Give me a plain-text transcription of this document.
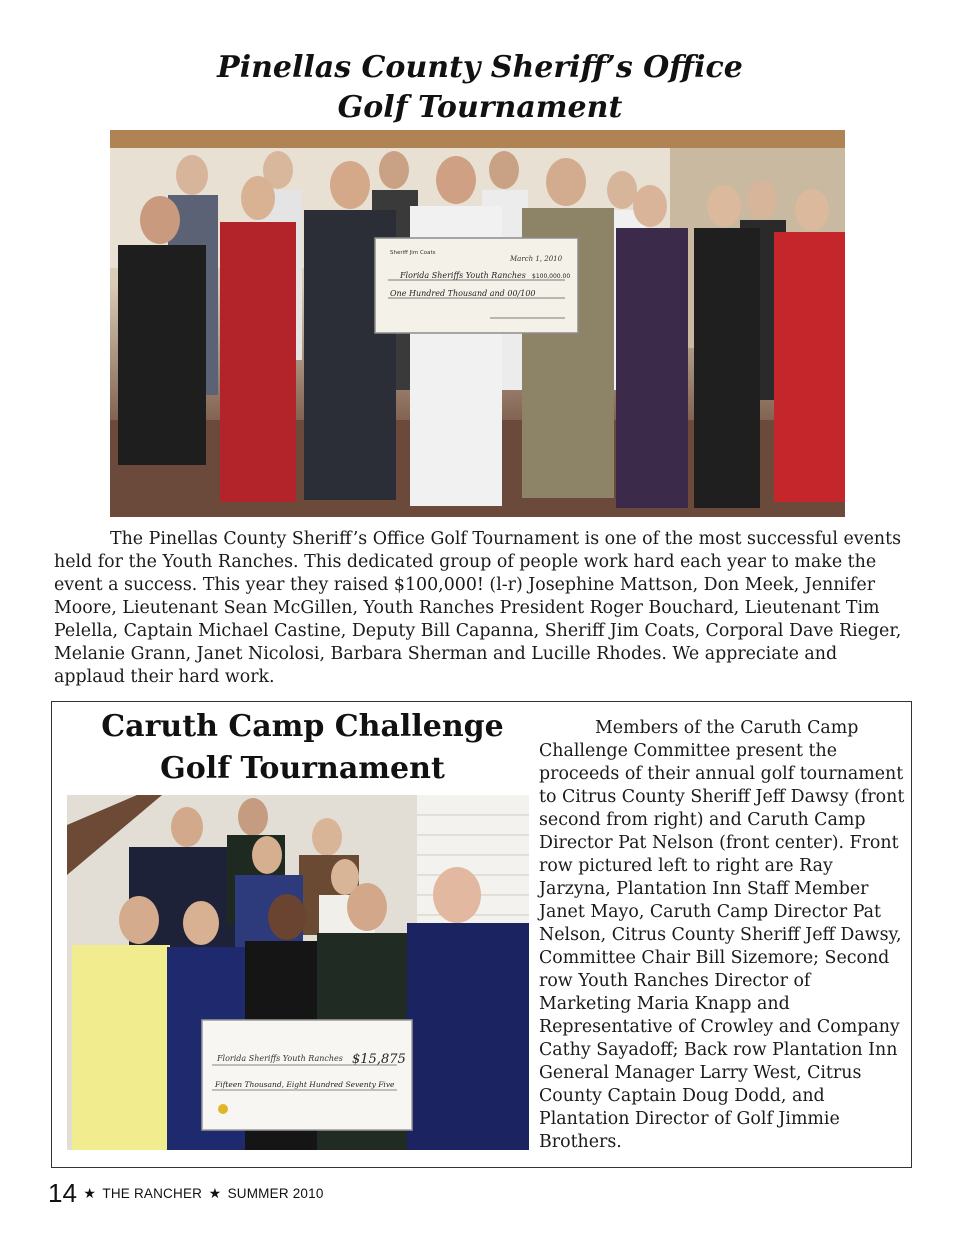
Pinellas County Sheriff’s Office
Golf Tournament
Sheriff Jim Coats
March 1, 2010
Florida Sheriffs Youth Ranches $100,000.00
One Hundred Thousand and 00/100
The Pinellas County Sheriff’s Office Golf Tournament is one of the most successful events held for the Youth Ranches. This dedicated group of people work hard each year to make the event a success. This year they raised $100,000! (l-r) Josephine Mattson, Don Meek, Jennifer Moore, Lieutenant Sean McGillen, Youth Ranches President Roger Bouchard, Lieutenant Tim Pelella, Captain Michael Castine, Deputy Bill Capanna, Sheriff Jim Coats, Corporal Dave Rieger, Melanie Grann, Janet Nicolosi, Barbara Sherman and Lucille Rhodes. We appreciate and applaud their hard work.
Caruth Camp Challenge
Golf Tournament
Florida Sheriffs Youth Ranches $15,875
Fifteen Thousand, Eight Hundred Seventy Five
Members of the Caruth Camp Challenge Committee present the proceeds of their annual golf tournament to Citrus County Sheriff Jeff Dawsy (front second from right) and Caruth Camp Director Pat Nelson (front center). Front row pictured left to right are Ray Jarzyna, Plantation Inn Staff Member Janet Mayo, Caruth Camp Director Pat Nelson, Citrus County Sheriff Jeff Dawsy, Committee Chair Bill Sizemore; Second row Youth Ranches Director of Marketing Maria Knapp and Representative of Crowley and Company Cathy Sayadoff; Back row Plantation Inn General Manager Larry West, Citrus County Captain Doug Dodd, and Plantation Director of Golf Jimmie Brothers.
14 ★ THE RANCHER ★ SUMMER 2010
